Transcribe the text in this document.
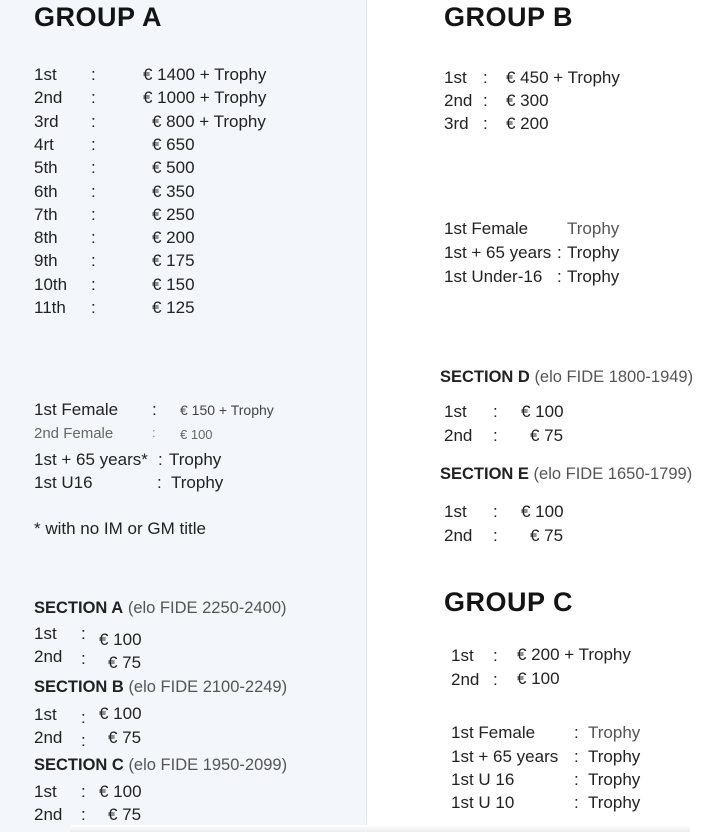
GROUP A
1st :	€ 1400 + Trophy
2nd :	€ 1000 + Trophy
3rd :	€ 800 + Trophy
4rt :	€ 650
5th :	€ 500
6th :	€ 350
7th :	€ 250
8th :	€ 200
9th :	€ 175
10th :	€ 150
11th :	€ 125
1st Female : € 150 + Trophy
2nd Female	: € 100
1st + 65 years* : Trophy
1st U16	: Trophy
* with no IM or GM title
SECTION A (elo FIDE 2250-2400)
1st : € 100
2nd : € 75
SECTION B (elo FIDE 2100-2249)
1st : € 100
2nd : € 75
SECTION C (elo FIDE 1950-2099)
1st : € 100
2nd : € 75
GROUP B
1st : € 450 + Trophy
2nd : € 300
3rd : € 200
1st Female Trophy
1st + 65 years : Trophy
1st Under-16 : Trophy
SECTION D (elo FIDE 1800-1949)
1st : € 100
2nd : € 75
SECTION E (elo FIDE 1650-1799)
1st : € 100
2nd : € 75
GROUP C
1st : € 200 + Trophy
2nd : € 100
1st Female : Trophy
1st + 65 years : Trophy
1st U 16	: Trophy
1st U 10	: Trophy
